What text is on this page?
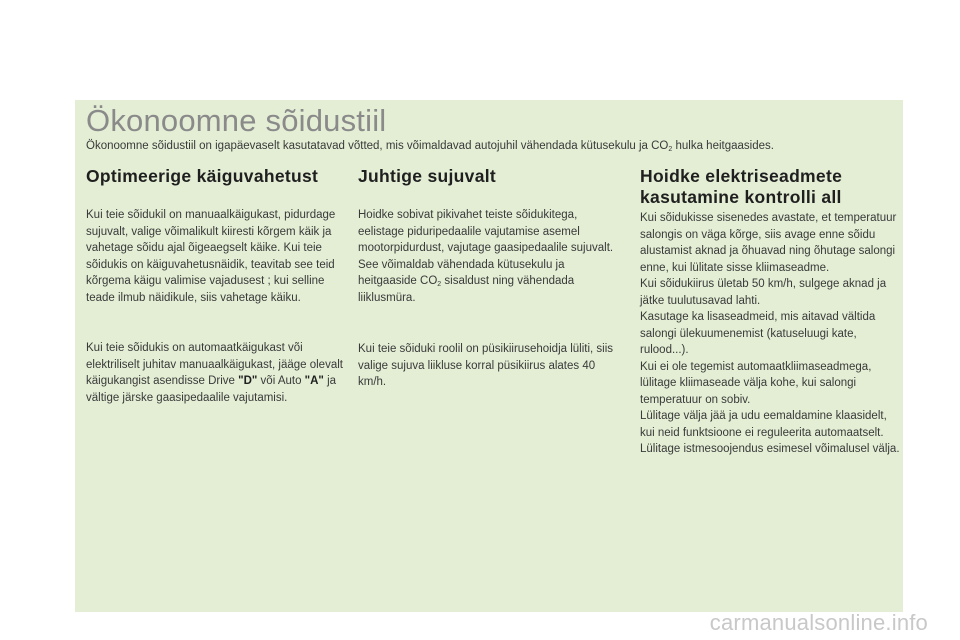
Ökonoomne sõidustiil

Ökonoomne sõidustiil on igapäevaselt kasutatavad võtted, mis võimaldavad autojuhil vähendada kütusekulu ja $CO_2$ hulka heitgaasides.

Optimeerige käiguvahetust

Kui teie sõidukil on manuaalkäigukast, pidurdage sujuvalt, valige võimalikult kiiresti kõrgem käik ja vahetage sõidu ajal õigeaegselt käike. Kui teie sõidukis on käiguvahetusnäidik, teavitab see teid kõrgema käigu valimise vajadusest ; kui selline teade ilmub näidikule, siis vahetage käiku.

Kui teie sõidukis on automaatkäigukast või elektriliselt juhitav manuaalkäigukast, jääge olevalt käigukangist asendisse Drive "D" või Auto "A" ja vältige järske gaasipedaalile vajutamisi.

Juhtige sujuvalt

Hoidke sobivat pikivahet teiste sõidukitega, eelistage piduripedaalile vajutamise asemel mootorpidurdust, vajutage gaasipedaalile sujuvalt. See võimaldab vähendada kütusekulu ja heitgaaside $CO_2$ sisaldust ning vähendada liiklusmüra.

Kui teie sõiduki roolil on püsikiirusehoidja lüliti, siis valige sujuva liikluse korral püsikiirus alates 40 km/h.

Hoidke elektriseadmete kasutamine kontrolli all

Kui sõidukisse sisenedes avastate, et temperatuur salongis on väga kõrge, siis avage enne sõidu alustamist aknad ja õhuavad ning õhutage salongi enne, kui lülitate sisse kliimaseadme.

Kui sõidukiirus ületab 50 km/h, sulgege aknad ja jätke tuulutusavad lahti.

Kasutage ka lisaseadmeid, mis aitavad vältida salongi ülekuumenemist (katuseluugi kate, rulood...).

Kui ei ole tegemist automaatkliimaseadmega, lülitage kliimaseade välja kohe, kui salongi temperatuur on sobiv.

Lülitage välja jää ja udu eemaldamine klaasidelt, kui neid funktsioone ei reguleerita automaatselt.

Lülitage istmesoojendus esimesel võimalusel välja.

carmanualsonline.info
